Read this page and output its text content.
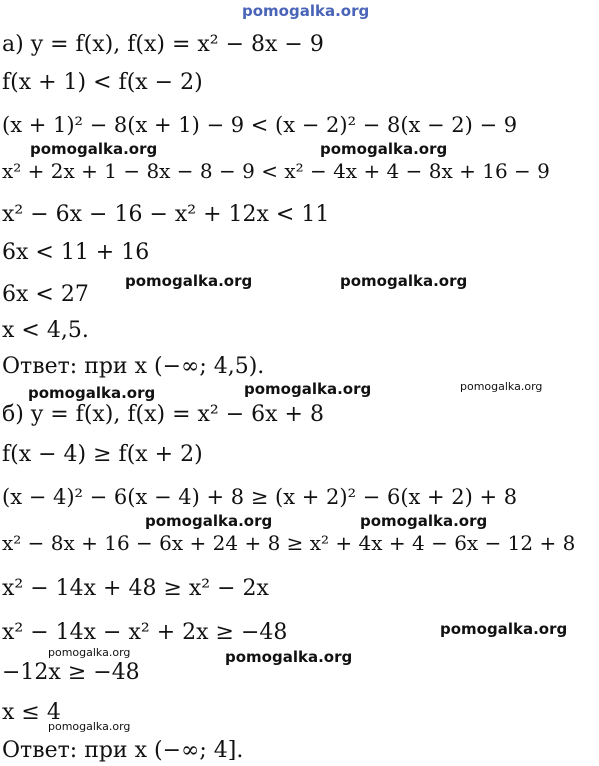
pomogalka.org
а) y = f(x), f(x) = x² − 8x − 9
f(x + 1) < f(x − 2)
(x + 1)² − 8(x + 1) − 9 < (x − 2)² − 8(x − 2) − 9
pomogalka.org	pomogalka.org
x² + 2x + 1 − 8x − 8 − 9 < x² − 4x + 4 − 8x + 16 − 9
x² − 6x − 16 − x² + 12x < 11
6x < 11 + 16
pomogalka.org	pomogalka.org
6x < 27
x < 4,5.
Ответ: при x (−∞; 4,5).
pomogalka.org	pomogalka.org	pomogalka.org
б) y = f(x), f(x) = x² − 6x + 8
f(x − 4) ≥ f(x + 2)
(x − 4)² − 6(x − 4) + 8 ≥ (x + 2)² − 6(x + 2) + 8
pomogalka.org	pomogalka.org
x² − 8x + 16 − 6x + 24 + 8 ≥ x² + 4x + 4 − 6x − 12 + 8
x² − 14x + 48 ≥ x² − 2x
pomogalka.org
x² − 14x − x² + 2x ≥ −48
pomogalka.org	pomogalka.org
−12x ≥ −48
x ≤ 4
pomogalka.org
Ответ: при x (−∞; 4].
